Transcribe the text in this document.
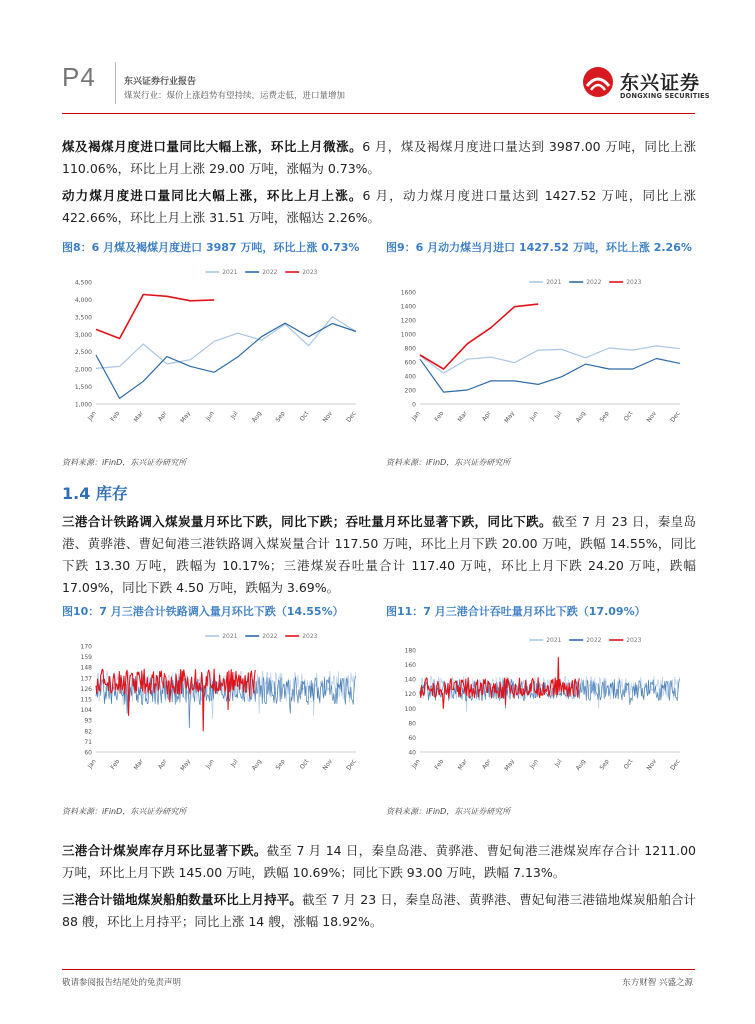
P4	东兴证券行业报告
煤炭行业：煤价上涨趋势有望持续，运费走低，进口量增加
东兴证券
DONGXING SECURITIES
煤及褐煤月度进口量同比大幅上涨，环比上月微涨。6 月，煤及褐煤月度进口量达到 3987.00 万吨，同比上涨 110.06%，环比上月上涨 29.00 万吨，涨幅为 0.73%。
动力煤月度进口量同比大幅上涨，环比上月上涨。6 月，动力煤月度进口量达到 1427.52 万吨，同比上涨 422.66%，环比上月上涨 31.51 万吨，涨幅达 2.26%。
图8：6 月煤及褐煤月度进口 3987 万吨，环比上涨 0.73% 图9：6 月动力煤当月进口 1427.52 万吨，环比上涨 2.26%
1,000
1,500
2,000
2,500
3,000
3,500
4,000
4,500
Jan Feb Mar Apr May Jun Jul Aug Sep Oct Nov Dec
2021	2022	2023
0
200
400
600
800
1000
1200
1400
1600
Jan Feb Mar Apr May Jun Jul Aug Sep Oct Nov Dec
2021	2022	2023
资料来源：iFinD，东兴证券研究所	资料来源：iFinD，东兴证券研究所
1.4 库存
三港合计铁路调入煤炭量月环比下跌，同比下跌；吞吐量月环比显著下跌，同比下跌。截至 7 月 23 日，秦皇岛港、黄骅港、曹妃甸港三港铁路调入煤炭量合计 117.50 万吨，环比上月下跌 20.00 万吨，跌幅 14.55%，同比下跌 13.30 万吨，跌幅为 10.17%；三港煤炭吞吐量合计 117.40 万吨，环比上月下跌 24.20 万吨，跌幅 17.09%，同比下跌 4.50 万吨，跌幅为 3.69%。
图10：7 月三港合计铁路调入量月环比下跌（14.55%）	图11：7 月三港合计吞吐量月环比下跌（17.09%）
60
71
82
93
104
115
126
137
148
159
170
Jan Feb Mar Apr May Jun Jul Aug Sep Oct Nov Dec
2021	2022	2023
40
60
80
100
120
140
160
180
Jan Feb Mar Apr May Jun Jul Aug Sep Oct Nov Dec
2021	2022	2023
资料来源：iFinD，东兴证券研究所	资料来源：iFinD，东兴证券研究所
三港合计煤炭库存月环比显著下跌。截至 7 月 14 日，秦皇岛港、黄骅港、曹妃甸港三港煤炭库存合计 1211.00 万吨，环比上月下跌 145.00 万吨，跌幅 10.69%；同比下跌 93.00 万吨，跌幅 7.13%。
三港合计锚地煤炭船舶数量环比上月持平。截至 7 月 23 日，秦皇岛港、黄骅港、曹妃甸港三港锚地煤炭船舶合计 88 艘，环比上月持平；同比上涨 14 艘，涨幅 18.92%。
敬请参阅报告结尾处的免责声明	东方财智 兴盛之源
